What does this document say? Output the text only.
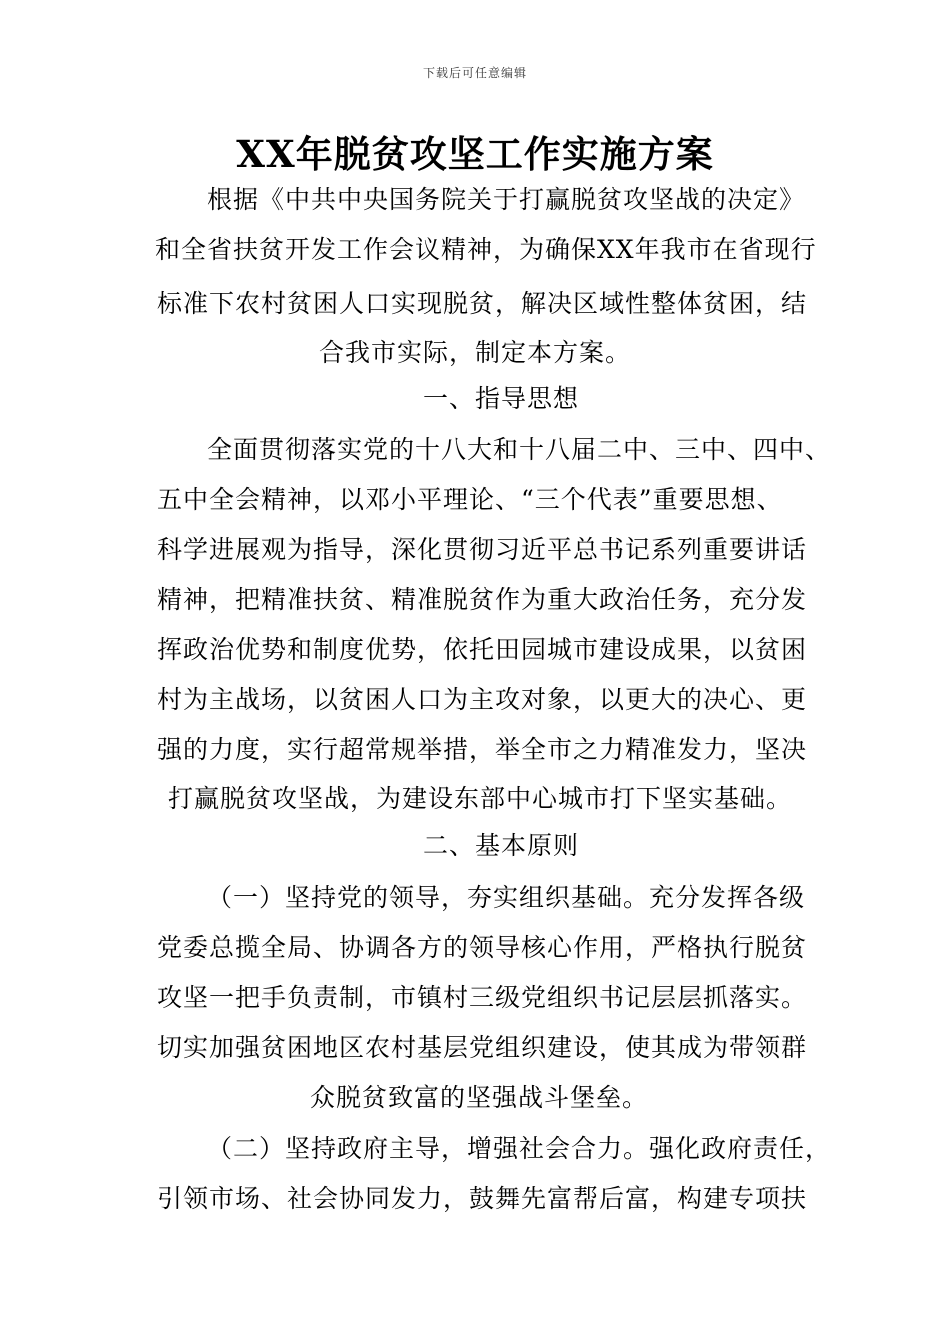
下载后可任意编辑
XX年脱贫攻坚工作实施方案
根据《中共中央国务院关于打赢脱贫攻坚战的决定》
和全省扶贫开发工作会议精神，为确保XX年我市在省现行
标准下农村贫困人口实现脱贫，解决区域性整体贫困，结
合我市实际，制定本方案。
一、指导思想
全面贯彻落实党的十八大和十八届二中、三中、四中、
五中全会精神，以邓小平理论、“三个代表”重要思想、
科学进展观为指导，深化贯彻习近平总书记系列重要讲话
精神，把精准扶贫、精准脱贫作为重大政治任务，充分发
挥政治优势和制度优势，依托田园城市建设成果，以贫困
村为主战场，以贫困人口为主攻对象，以更大的决心、更
强的力度，实行超常规举措，举全市之力精准发力，坚决
打赢脱贫攻坚战，为建设东部中心城市打下坚实基础。
二、基本原则
（一）坚持党的领导，夯实组织基础。充分发挥各级
党委总揽全局、协调各方的领导核心作用，严格执行脱贫
攻坚一把手负责制，市镇村三级党组织书记层层抓落实。
切实加强贫困地区农村基层党组织建设，使其成为带领群
众脱贫致富的坚强战斗堡垒。
（二）坚持政府主导，增强社会合力。强化政府责任，
引领市场、社会协同发力，鼓舞先富帮后富，构建专项扶
